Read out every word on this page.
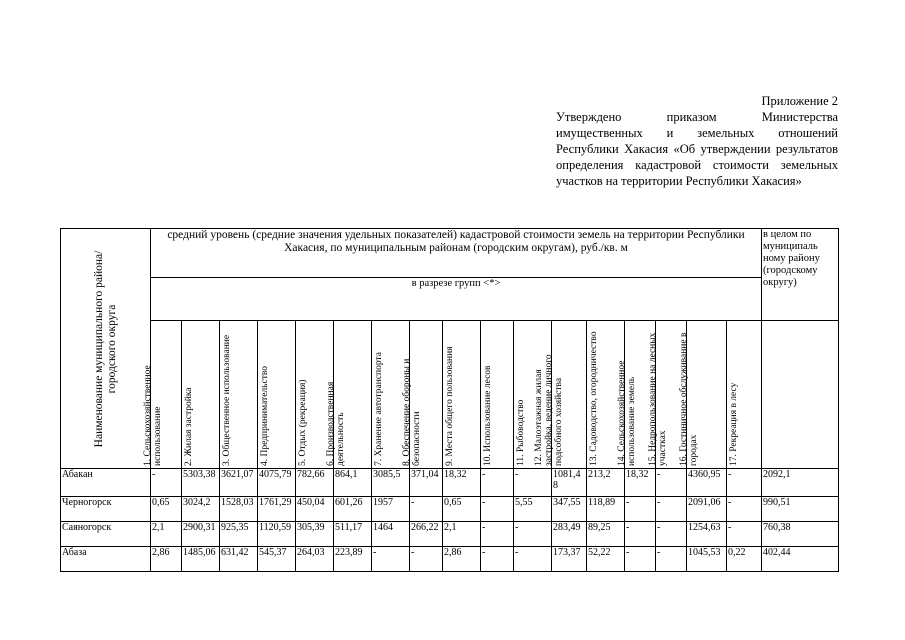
Приложение 2
Утверждено приказом Министерства имущественных и земельных отношений Республики Хакасия «Об утверждении результатов определения кадастровой стоимости земельных участков на территории Республики Хакасия»
Наименование муниципального района/городского округа	средний уровень (средние значения удельных показателей) кадастровой стоимости земель на территории Республики Хакасия, по муниципальным районам (городским округам), руб./кв. м																	в целом по муниципаль ному району (городскому округу)
	в разрезе групп <*>																	

	1. Сельскохозяйственное использование	2. Жилая застройка	3. Общественное использование	4. Предпринимательство	5. Отдых (рекреация)	6. Производственная деятельность	7. Хранение автотранспорта	8. Обеспечение обороны и безопасности	9. Места общего пользования	10. Использование лесов	11. Рыбоводство	12. Малоэтажная жилая застройка, ведение личного подсобного хозяйства	13. Садоводство, огородничество	14. Сельскохозяйственное использование земель	15. Недропользование на лесных участках	16. Гостиничное обслуживание в городах	17. Рекреация в лесу	

Абакан	-	5303,38	3621,07	4075,79	782,66	864,1	3085,5	371,04	18,32	-	-	1081,48	213,2	18,32	-	4360,95	-	2092,1
Черногорск	0,65	3024,2	1528,03	1761,29	450,04	601,26	1957	-	0,65	-	5,55	347,55	118,89	-	-	2091,06	-	990,51
Саяногорск	2,1	2900,31	925,35	1120,59	305,39	511,17	1464	266,22	2,1	-	-	283,49	89,25	-	-	1254,63	-	760,38
Абаза	2,86	1485,06	631,42	545,37	264,03	223,89	-	-	2,86	-	-	173,37	52,22	-	-	1045,53	0,22	402,44
